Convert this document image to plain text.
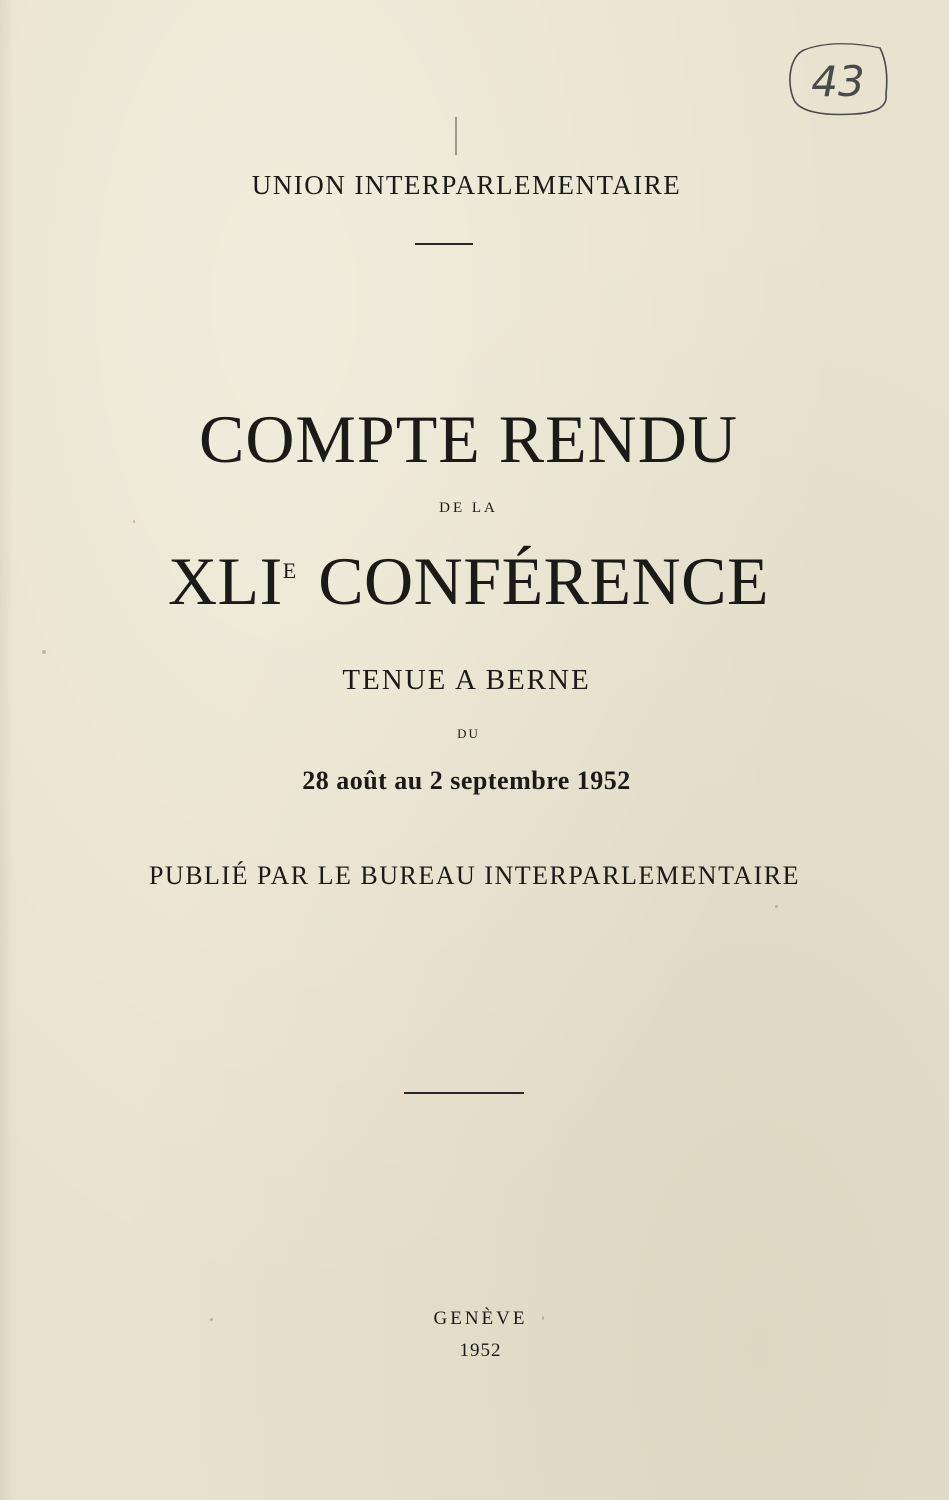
43
UNION INTERPARLEMENTAIRE
COMPTE RENDU
DE LA
$XLI^E$ CONFÉRENCE
TENUE A BERNE
DU
28 août au 2 septembre 1952
PUBLIÉ PAR LE BUREAU INTERPARLEMENTAIRE
GENÈVE
1952
